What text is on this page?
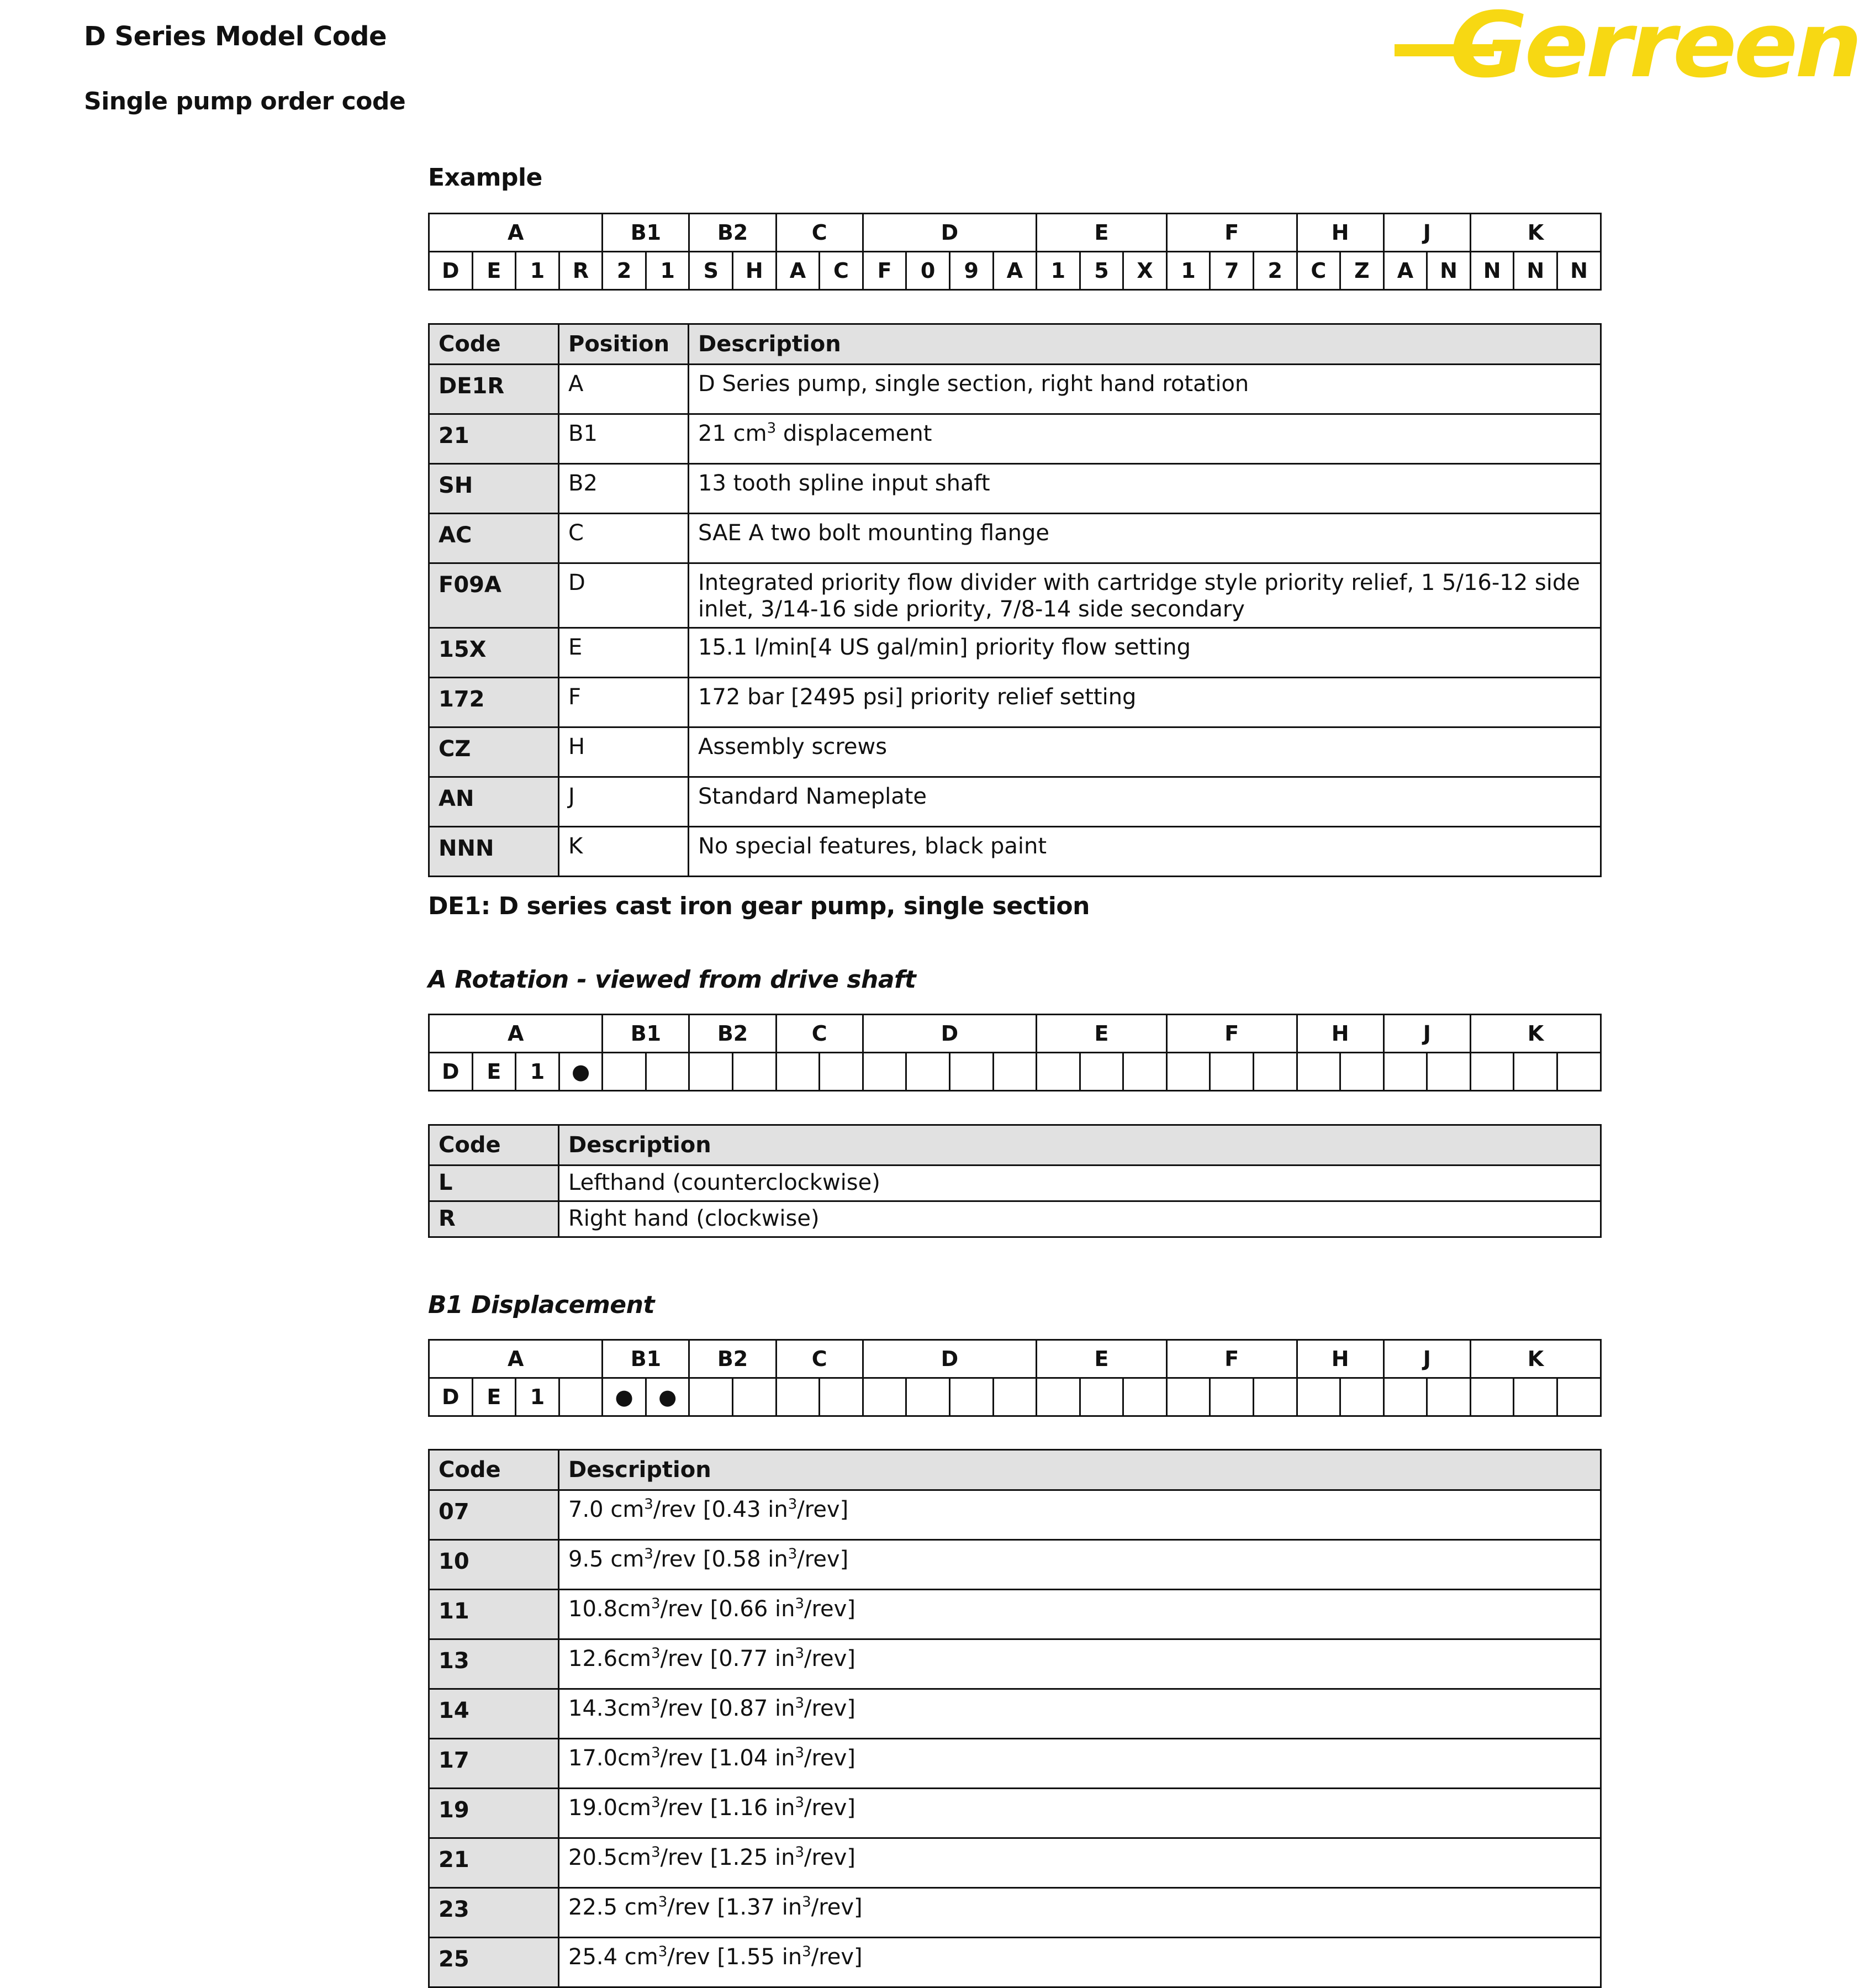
D Series Model Code
Single pump order code
Gerreen
Example
A				B1		B2		C		D				E			F			H		J		K		
D	E	1	R	2	1	S	H	A	C	F	0	9	A	1	5	X	1	7	2	C	Z	A	N	N	N	N
Code	Position	Description
DE1R	A	D Series pump, single section, right hand rotation
21	B1	21 $cm^3$ displacement
SH	B2	13 tooth spline input shaft
AC	C	SAE A two bolt mounting flange
F09A	D	Integrated priority flow divider with cartridge style priority relief, 1 5/16-12 side inlet, 3/14-16 side priority, 7/8-14 side secondary
15X	E	15.1 l/min[4 US gal/min] priority flow setting
172	F	172 bar [2495 psi] priority relief setting
CZ	H	Assembly screws
AN	J	Standard Nameplate
NNN	K	No special features, black paint
DE1: D series cast iron gear pump, single section
A Rotation - viewed from drive shaft
A				B1		B2		C		D				E			F			H		J		K		
D	E	1	●																							
Code	Description
L	Lefthand (counterclockwise)
R	Right hand (clockwise)
B1 Displacement
A				B1		B2		C		D				E			F			H		J		K		
D	E	1		●	●																					
Code	Description
07	7.0 $cm^3$/rev [0.43 $in^3/rev$]
10	9.5 $cm^3$/rev [0.58 $in^3/rev$]
11	$10.8cm^3$/rev [0.66 $in^3/rev$]
13	$12.6cm^3$/rev [0.77 $in^3/rev$]
14	$14.3cm^3$/rev [0.87 $in^3/rev$]
17	$17.0cm^3$/rev [1.04 $in^3/rev$]
19	$19.0cm^3$/rev [1.16 $in^3/rev$]
21	$20.5cm^3$/rev [1.25 $in^3/rev$]
23	22.5 $cm^3$/rev [1.37 $in^3/rev$]
25	25.4 $cm^3$/rev [1.55 $in^3/rev$]
